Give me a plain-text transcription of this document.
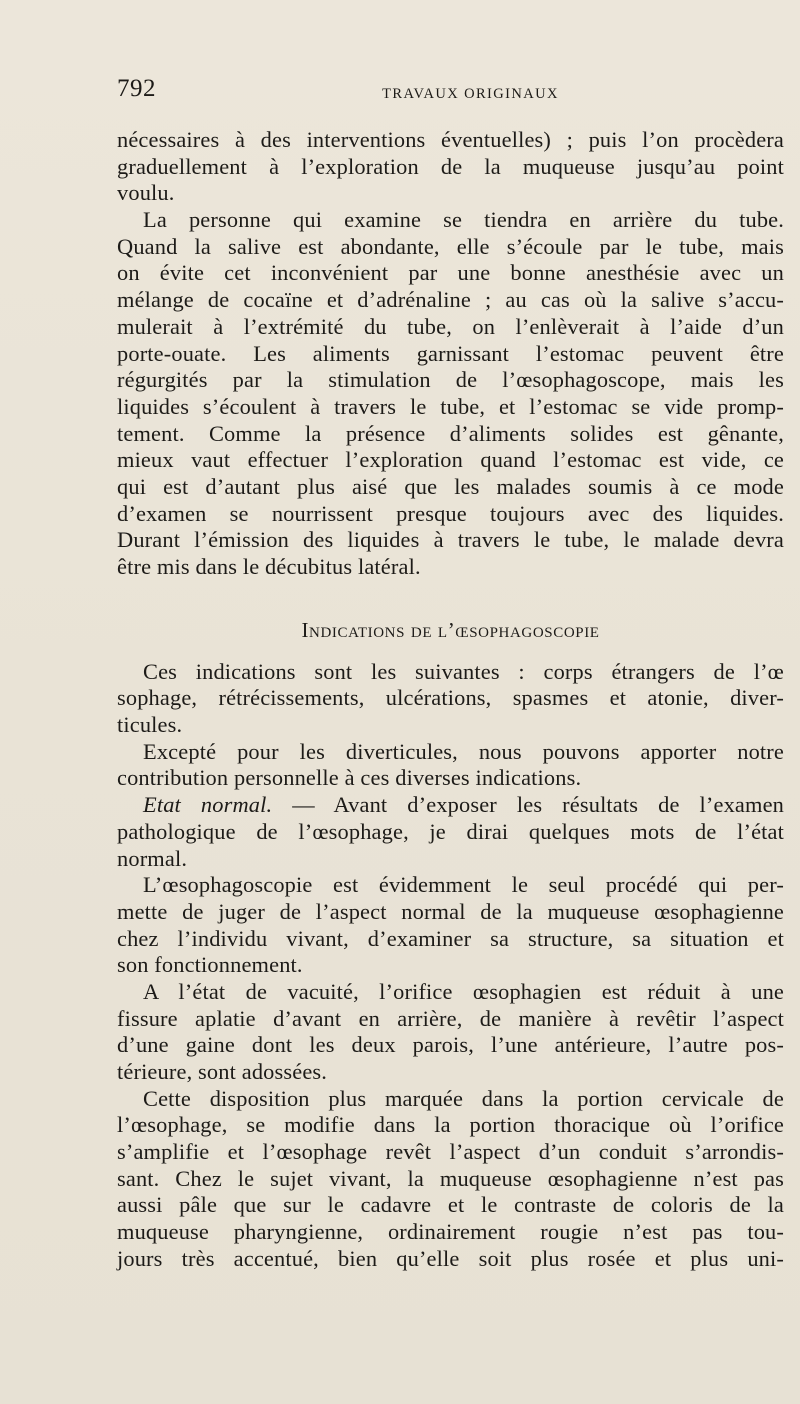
792	TRAVAUX ORIGINAUX
nécessaires à des interventions éventuelles) ; puis l’on procèdera
graduellement à l’exploration de la muqueuse jusqu’au point
voulu.
La personne qui examine se tiendra en arrière du tube.
Quand la salive est abondante, elle s’écoule par le tube, mais
on évite cet inconvénient par une bonne anesthésie avec un
mélange de cocaïne et d’adrénaline ; au cas où la salive s’accu-
mulerait à l’extrémité du tube, on l’enlèverait à l’aide d’un
porte-ouate. Les aliments garnissant l’estomac peuvent être
régurgités par la stimulation de l’œsophagoscope, mais les
liquides s’écoulent à travers le tube, et l’estomac se vide promp-
tement. Comme la présence d’aliments solides est gênante,
mieux vaut effectuer l’exploration quand l’estomac est vide, ce
qui est d’autant plus aisé que les malades soumis à ce mode
d’examen se nourrissent presque toujours avec des liquides.
Durant l’émission des liquides à travers le tube, le malade devra
être mis dans le décubitus latéral.
Indications de l’œsophagoscopie
Ces indications sont les suivantes : corps étrangers de l’œ
sophage, rétrécissements, ulcérations, spasmes et atonie, diver-
ticules.
Excepté pour les diverticules, nous pouvons apporter notre
contribution personnelle à ces diverses indications.
Etat normal. — Avant d’exposer les résultats de l’examen
pathologique de l’œsophage, je dirai quelques mots de l’état
normal.
L’œsophagoscopie est évidemment le seul procédé qui per-
mette de juger de l’aspect normal de la muqueuse œsophagienne
chez l’individu vivant, d’examiner sa structure, sa situation et
son fonctionnement.
A l’état de vacuité, l’orifice œsophagien est réduit à une
fissure aplatie d’avant en arrière, de manière à revêtir l’aspect
d’une gaine dont les deux parois, l’une antérieure, l’autre pos-
térieure, sont adossées.
Cette disposition plus marquée dans la portion cervicale de
l’œsophage, se modifie dans la portion thoracique où l’orifice
s’amplifie et l’œsophage revêt l’aspect d’un conduit s’arrondis-
sant. Chez le sujet vivant, la muqueuse œsophagienne n’est pas
aussi pâle que sur le cadavre et le contraste de coloris de la
muqueuse pharyngienne, ordinairement rougie n’est pas tou-
jours très accentué, bien qu’elle soit plus rosée et plus uni-
